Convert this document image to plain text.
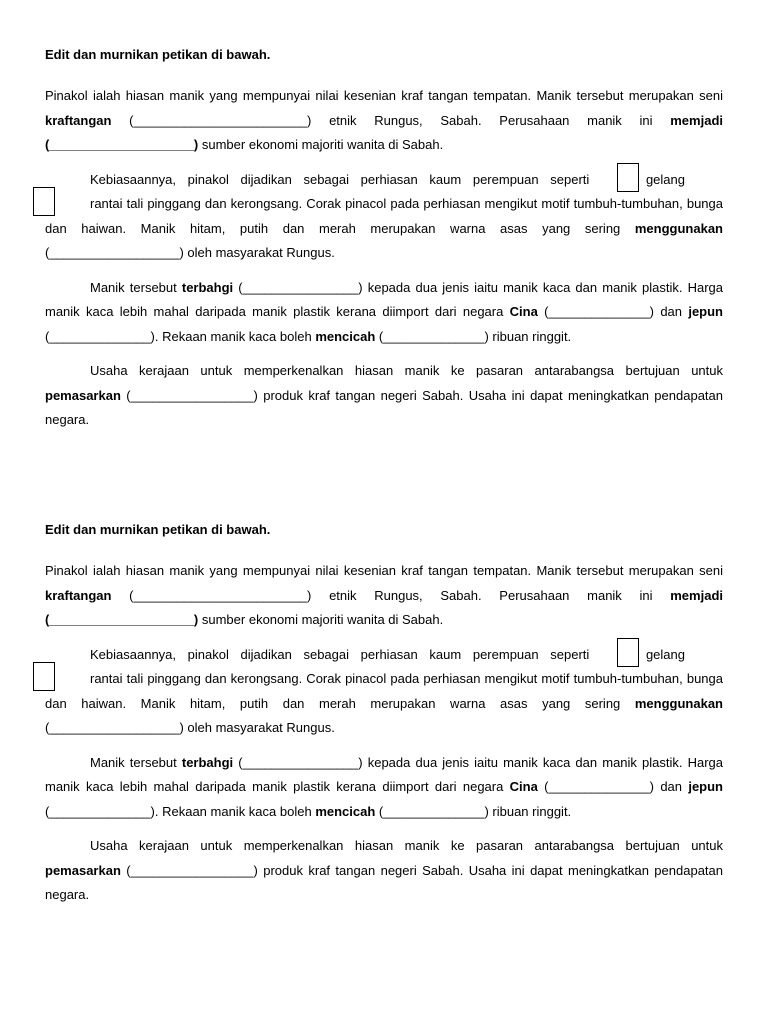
Edit dan murnikan petikan di bawah.

Pinakol ialah hiasan manik yang mempunyai nilai kesenian kraf tangan tempatan. Manik tersebut merupakan seni kraftangan (________________________) etnik Rungus, Sabah. Perusahaan manik ini memjadi (____________________) sumber ekonomi majoriti wanita di Sabah.

Kebiasaannya, pinakol dijadikan sebagai perhiasan kaum perempuan seperti	gelang
rantai
tali pinggang dan kerongsang. Corak pinacol pada perhiasan mengikut motif tumbuh-tumbuhan, bunga dan haiwan. Manik hitam, putih dan merah merupakan warna asas yang sering menggunakan (__________________) oleh masyarakat Rungus.

Manik tersebut terbahgi (________________) kepada dua jenis iaitu manik kaca dan manik plastik. Harga manik kaca lebih mahal daripada manik plastik kerana diimport dari negara Cina (______________) dan jepun (______________). Rekaan manik kaca boleh mencicah (______________) ribuan ringgit.

Usaha kerajaan untuk memperkenalkan hiasan manik ke pasaran antarabangsa bertujuan untuk pemasarkan (_________________) produk kraf tangan negeri Sabah. Usaha ini dapat meningkatkan pendapatan negara.

Edit dan murnikan petikan di bawah.

Pinakol ialah hiasan manik yang mempunyai nilai kesenian kraf tangan tempatan. Manik tersebut merupakan seni kraftangan (________________________) etnik Rungus, Sabah. Perusahaan manik ini memjadi (____________________) sumber ekonomi majoriti wanita di Sabah.

Kebiasaannya, pinakol dijadikan sebagai perhiasan kaum perempuan seperti	gelang
rantai
tali pinggang dan kerongsang. Corak pinacol pada perhiasan mengikut motif tumbuh-tumbuhan, bunga dan haiwan. Manik hitam, putih dan merah merupakan warna asas yang sering menggunakan (__________________) oleh masyarakat Rungus.

Manik tersebut terbahgi (________________) kepada dua jenis iaitu manik kaca dan manik plastik. Harga manik kaca lebih mahal daripada manik plastik kerana diimport dari negara Cina (______________) dan jepun (______________). Rekaan manik kaca boleh mencicah (______________) ribuan ringgit.

Usaha kerajaan untuk memperkenalkan hiasan manik ke pasaran antarabangsa bertujuan untuk pemasarkan (_________________) produk kraf tangan negeri Sabah. Usaha ini dapat meningkatkan pendapatan negara.
